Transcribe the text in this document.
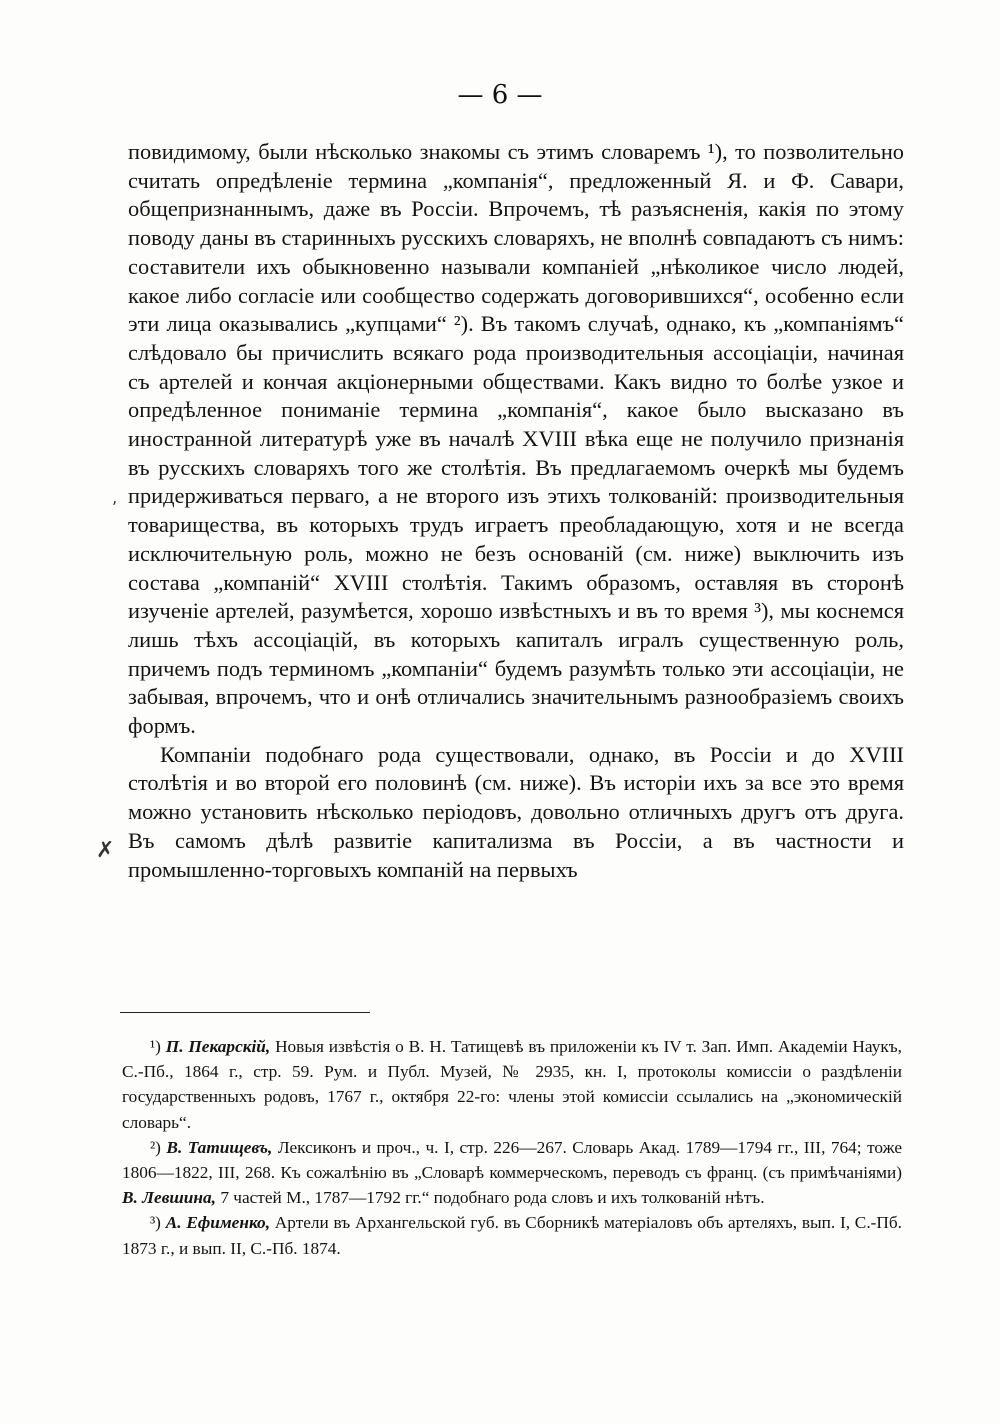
— 6 —

повидимому, были нѣсколько знакомы съ этимъ словаремъ ¹), то позволительно считать опредѣленіе термина „компанія“, предложенный Я. и Ф. Савари, общепризнаннымъ, даже въ Россіи. Впрочемъ, тѣ разъясненія, какія по этому поводу даны въ старинныхъ русскихъ словаряхъ, не вполнѣ совпадаютъ съ нимъ: составители ихъ обыкновенно называли компаніей „нѣколикое число людей, какое либо согласіе или сообщество содержать договорившихся“, особенно если эти лица оказывались „купцами“ ²). Въ такомъ случаѣ, однако, къ „компаніямъ“ слѣдовало бы причислить всякаго рода производительныя ассоціаціи, начиная съ артелей и кончая акціонерными обществами. Какъ видно то болѣе узкое и опредѣленное пониманіе термина „компанія“, какое было высказано въ иностранной литературѣ уже въ началѣ XVIII вѣка еще не получило признанія въ русскихъ словаряхъ того же столѣтія. Въ предлагаемомъ очеркѣ мы будемъ придерживаться перваго, а не второго изъ этихъ толкованій: производительныя товарищества, въ которыхъ трудъ играетъ преобладающую, хотя и не всегда исключительную роль, можно не безъ основаній (см. ниже) выключить изъ состава „компаній“ XVIII столѣтія. Такимъ образомъ, оставляя въ сторонѣ изученіе артелей, разумѣется, хорошо извѣстныхъ и въ то время ³), мы коснемся лишь тѣхъ ассоціацій, въ которыхъ капиталъ игралъ существенную роль, причемъ подъ терминомъ „компаніи“ будемъ разумѣть только эти ассоціаціи, не забывая, впрочемъ, что и онѣ отличались значительнымъ разнообразіемъ своихъ формъ.

Компаніи подобнаго рода существовали, однако, въ Россіи и до XVIII столѣтія и во второй его половинѣ (см. ниже). Въ исторіи ихъ за все это время можно установить нѣсколько періодовъ, довольно отличныхъ другъ отъ друга. Въ самомъ дѣлѣ развитіе капитализма въ Россіи, а въ частности и промышленно-торговыхъ компаній на первыхъ

‚
✗

¹) П. Пекарскій, Новыя извѣстія о В. Н. Татищевѣ въ приложеніи къ IV т. Зап. Имп. Академіи Наукъ, С.-Пб., 1864 г., стр. 59. Рум. и Публ. Музей, № 2935, кн. I, протоколы комиссіи о раздѣленіи государственныхъ родовъ, 1767 г., октября 22-го: члены этой комиссіи ссылались на „экономическій словарь“.

²) В. Татищевъ, Лексиконъ и проч., ч. I, стр. 226—267. Словарь Акад. 1789—1794 гг., III, 764; тоже 1806—1822, III, 268. Къ сожалѣнію въ „Словарѣ коммерческомъ, переводъ съ франц. (съ примѣчаніями) В. Левшина, 7 частей М., 1787—1792 гг.“ подобнаго рода словъ и ихъ толкованій нѣтъ.

³) А. Ефименко, Артели въ Архангельской губ. въ Сборникѣ матеріаловъ объ артеляхъ, вып. I, С.-Пб. 1873 г., и вып. II, С.-Пб. 1874.
